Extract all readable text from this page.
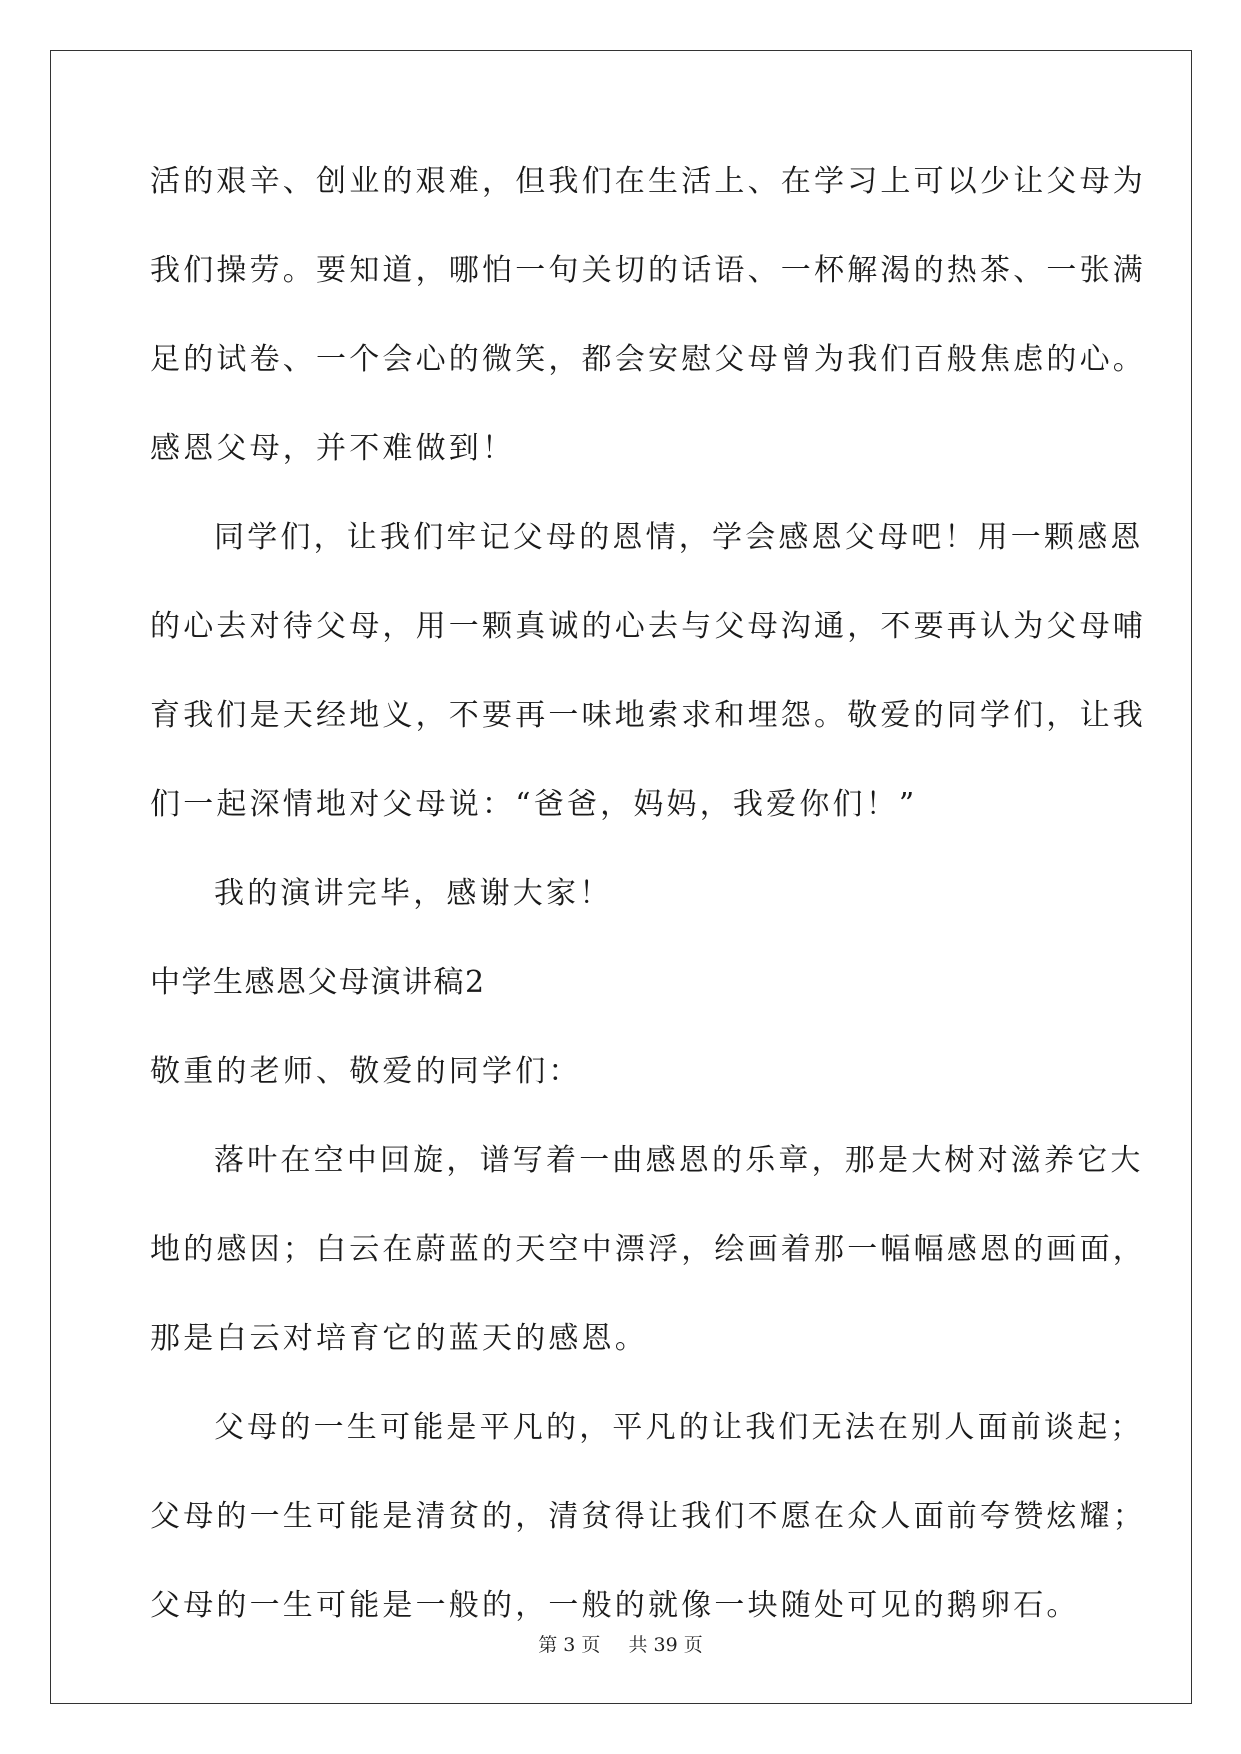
活的艰辛、创业的艰难，但我们在生活上、在学习上可以少让父母为
我们操劳。要知道，哪怕一句关切的话语、一杯解渴的热茶、一张满
足的试卷、一个会心的微笑，都会安慰父母曾为我们百般焦虑的心。
感恩父母，并不难做到！
同学们，让我们牢记父母的恩情，学会感恩父母吧！用一颗感恩
的心去对待父母，用一颗真诚的心去与父母沟通，不要再认为父母哺
育我们是天经地义，不要再一味地索求和埋怨。敬爱的同学们，让我
们一起深情地对父母说：“爸爸，妈妈，我爱你们！”
我的演讲完毕，感谢大家！
中学生感恩父母演讲稿2
敬重的老师、敬爱的同学们：
落叶在空中回旋，谱写着一曲感恩的乐章，那是大树对滋养它大
地的感因；白云在蔚蓝的天空中漂浮，绘画着那一幅幅感恩的画面，
那是白云对培育它的蓝天的感恩。
父母的一生可能是平凡的，平凡的让我们无法在别人面前谈起；
父母的一生可能是清贫的，清贫得让我们不愿在众人面前夸赞炫耀；
父母的一生可能是一般的，一般的就像一块随处可见的鹅卵石。
第 3 页 共 39 页
